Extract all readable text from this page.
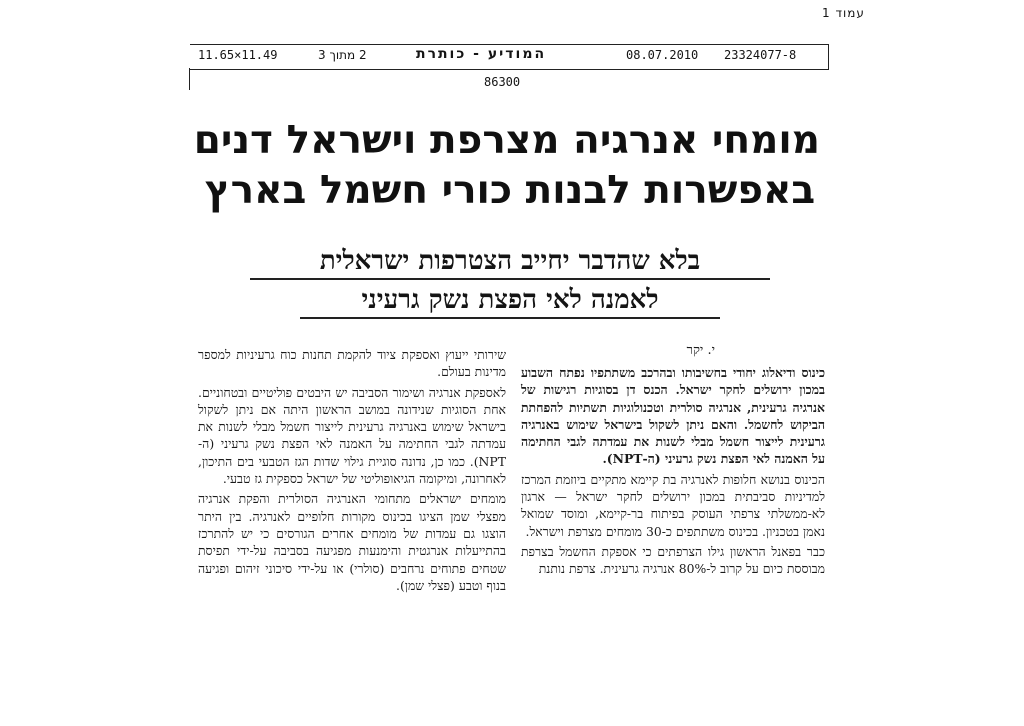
עמוד 1
11.65×11.49	2 מתוך 3	המודיע - כותרת	08.07.2010 23324077-8
86300
מומחי אנרגיה מצרפת וישראל דנים
באפשרות לבנות כורי חשמל בארץ
בלא שהדבר יחייב הצטרפות ישראלית
לאמנה לאי הפצת נשק גרעיני
י. יקר

כינוס ודיאלוג יחודי בחשיבותו ובהרכב משתתפיו נפתח השבוע במכון ירושלים לחקר ישראל. הכנס דן בסוגיות רגישות של אנרגיה גרעינית, אנרגיה סולרית וטכנולוגיות תשתיות להפחתת הביקוש לחשמל. והאם ניתן לשקול בישראל שימוש באנרגיה גרעינית לייצור חשמל מבלי לשנות את עמדתה לגבי החתימה על האמנה לאי הפצת נשק גרעיני (ה-NPT).

הכינוס בנושא חלופות לאנרגיה בת קיימא מתקיים ביוזמת המרכז למדיניות סביבתית במכון ירושלים לחקר ישראל — ארגון לא-ממשלתי צרפתי העוסק בפיתוח בר-קיימא, ומוסד שמואל נאמן בטכניון. בכינוס משתתפים כ-30 מומחים מצרפת וישראל.

כבר בפאנל הראשון גילו הצרפתים כי אספקת החשמל בצרפת מבוססת כיום על קרוב ל-80% אנרגיה גרעינית. צרפת נותנת

שירותי ייעוץ ואספקת ציוד להקמת תחנות כוח גרעיניות למספר מדינות בעולם.

לאספקת אנרגיה ושימור הסביבה יש היבטים פוליטיים ובטחוניים. אחת הסוגיות שנידונה במושב הראשון היתה אם ניתן לשקול בישראל שימוש באנרגיה גרעינית לייצור חשמל מבלי לשנות את עמדתה לגבי החתימה על האמנה לאי הפצת נשק גרעיני (ה-NPT). כמו כן, נדונה סוגיית גילוי שדות הגז הטבעי בים התיכון, לאחרונה, ומיקומה הגיאופוליטי של ישראל כספקית גז טבעי.

מומחים ישראלים מתחומי האנרגיה הסולרית והפקת אנרגיה מפצלי שמן הציגו בכינוס מקורות חלופיים לאנרגיה. בין היתר הוצגו גם עמדות של מומחים אחרים הגורסים כי יש להתרכז בהתייעלות אנרגטית והימנעות מפגיעה בסביבה על-ידי תפיסת שטחים פתוחים נרחבים (סולרי) או על-ידי סיכוני זיהום ופגיעה בנוף וטבע (פצלי שמן).
